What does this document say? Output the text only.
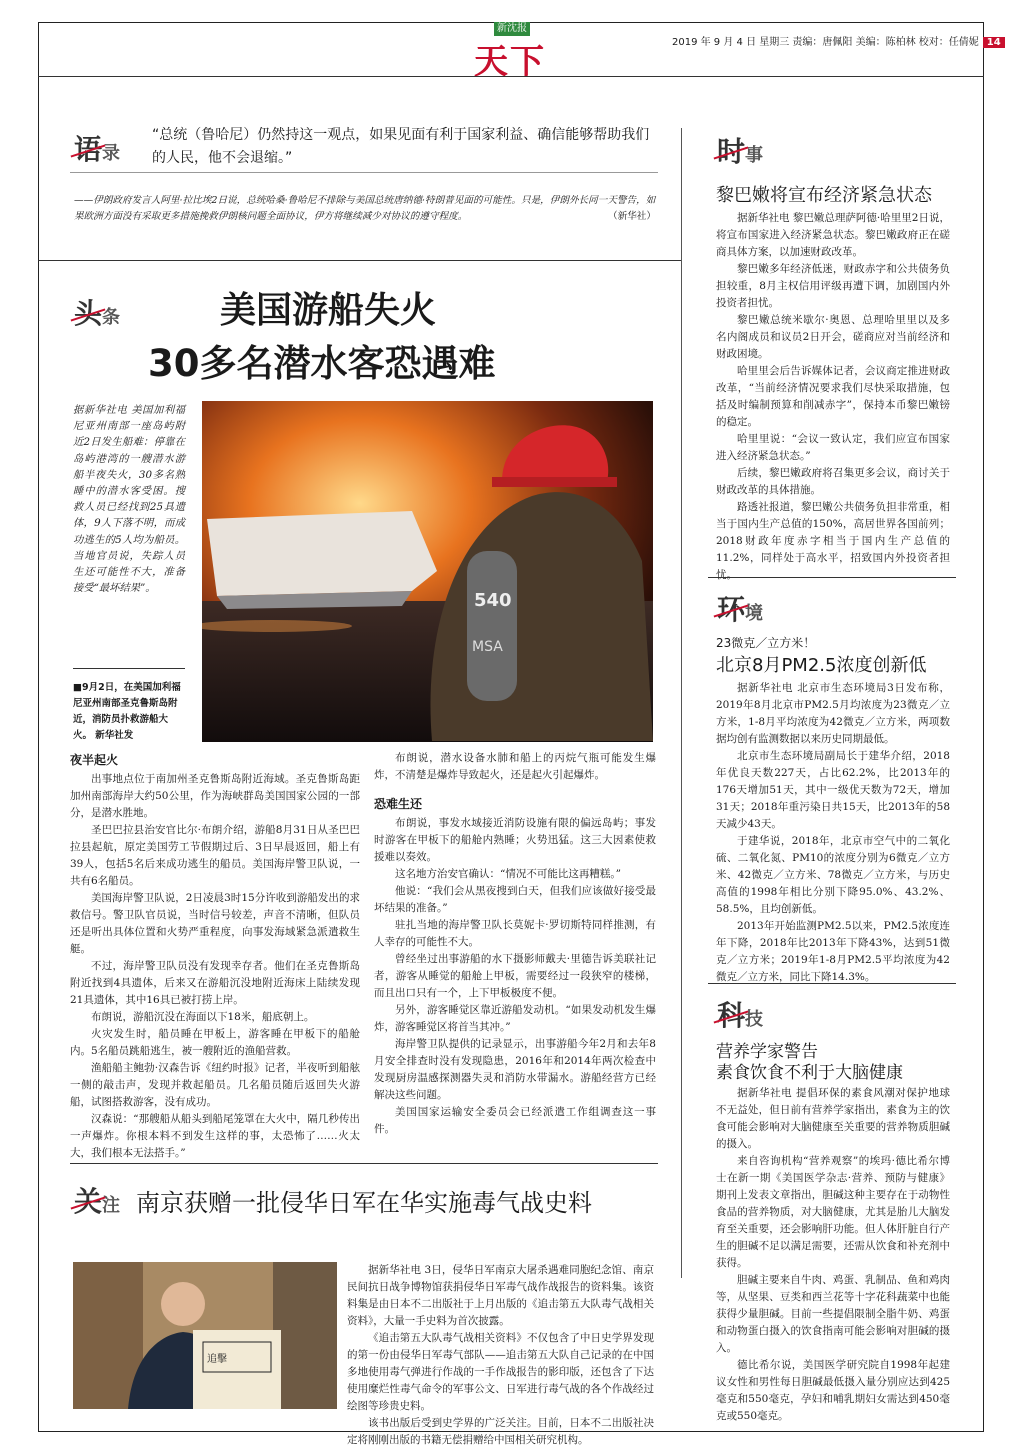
新沈报
天下	2019 年 9 月 4 日 星期三 责编：唐佩阳 美编：陈柏林 校对：任倩妮 14
语录
“总统（鲁哈尼）仍然持这一观点，如果见面有利于国家利益、确信能够帮助我们的人民，他不会退缩。”
——伊朗政府发言人阿里·拉比埃2日说，总统哈桑·鲁哈尼不排除与美国总统唐纳德·特朗普见面的可能性。只是，伊朗外长同一天警告，如果欧洲方面没有采取更多措施挽救伊朗核问题全面协议，伊方将继续减少对协议的遵守程度。	（新华社）
头条	美国游船失火
30多名潜水客恐遇难
据新华社电 美国加利福尼亚州南部一座岛屿附近2日发生船难：停靠在岛屿港湾的一艘潜水游船半夜失火，30多名熟睡中的潜水客受困。搜救人员已经找到25具遗体，9人下落不明，而成功逃生的5人均为船员。当地官员说，失踪人员生还可能性不大，准备接受“最坏结果”。
■9月2日，在美国加利福尼亚州南部圣克鲁斯岛附近，消防员扑救游船大火。 新华社发
540
MSA
夜半起火

出事地点位于南加州圣克鲁斯岛附近海域。圣克鲁斯岛距加州南部海岸大约50公里，作为海峡群岛美国国家公园的一部分，是潜水胜地。

圣巴巴拉县治安官比尔·布朗介绍，游船8月31日从圣巴巴拉县起航，原定美国劳工节假期过后、3日早晨返回，船上有39人，包括5名后来成功逃生的船员。美国海岸警卫队说，一共有6名船员。

美国海岸警卫队说，2日凌晨3时15分许收到游船发出的求救信号。警卫队官员说，当时信号较差，声音不清晰，但队员还是听出具体位置和火势严重程度，向事发海域紧急派遣救生艇。

不过，海岸警卫队员没有发现幸存者。他们在圣克鲁斯岛附近找到4具遗体，后来又在游船沉没地附近海床上陆续发现21具遗体，其中16具已被打捞上岸。

布朗说，游船沉没在海面以下18米，船底朝上。

火灾发生时，船员睡在甲板上，游客睡在甲板下的船舱内。5名船员跳船逃生，被一艘附近的渔船营救。

渔船船主鲍勃·汉森告诉《纽约时报》记者，半夜听到船舷一侧的敲击声，发现并救起船员。几名船员随后返回失火游船，试图搭救游客，没有成功。

汉森说：“那艘船从船头到船尾笼罩在大火中，隔几秒传出一声爆炸。你根本料不到发生这样的事，太恐怖了……火太大，我们根本无法搭手。”

布朗说，潜水设备水肺和船上的丙烷气瓶可能发生爆炸，不清楚是爆炸导致起火，还是起火引起爆炸。

恐难生还

布朗说，事发水域接近消防设施有限的偏远岛屿；事发时游客在甲板下的船舱内熟睡；火势迅猛。这三大因素使救援难以奏效。

这名地方治安官确认：“情况不可能比这再糟糕。”

他说：“我们会从黑夜搜到白天，但我们应该做好接受最坏结果的准备。”

驻扎当地的海岸警卫队长莫妮卡·罗切斯特同样推测，有人幸存的可能性不大。

曾经坐过出事游船的水下摄影师戴夫·里德告诉美联社记者，游客从睡觉的船舱上甲板，需要经过一段狭窄的楼梯，而且出口只有一个，上下甲板极度不便。

另外，游客睡觉区靠近游船发动机。“如果发动机发生爆炸，游客睡觉区将首当其冲。”

海岸警卫队提供的记录显示，出事游船今年2月和去年8月安全排查时没有发现隐患，2016年和2014年两次检查中发现厨房温感探测器失灵和消防水带漏水。游船经营方已经解决这些问题。

美国国家运输安全委员会已经派遣工作组调查这一事件。

关注 南京获赠一批侵华日军在华实施毒气战史料
追擊

据新华社电 3日，侵华日军南京大屠杀遇难同胞纪念馆、南京民间抗日战争博物馆获捐侵华日军毒气战作战报告的资料集。该资料集是由日本不二出版社于上月出版的《追击第五大队毒气战相关资料》，大量一手史料为首次披露。

《追击第五大队毒气战相关资料》不仅包含了中日史学界发现的第一份由侵华日军毒气部队——追击第五大队自己记录的在中国多地使用毒气弹进行作战的一手作战报告的影印版，还包含了下达使用糜烂性毒气命令的军事公文、日军进行毒气战的各个作战经过绘图等珍贵史料。

该书出版后受到史学界的广泛关注。目前，日本不二出版社决定将刚刚出版的书籍无偿捐赠给中国相关研究机构。

时事
黎巴嫩将宣布经济紧急状态

据新华社电 黎巴嫩总理萨阿德·哈里里2日说，将宣布国家进入经济紧急状态。黎巴嫩政府正在磋商具体方案，以加速财政改革。

黎巴嫩多年经济低迷，财政赤字和公共债务负担较重，8月主权信用评级再遭下调，加剧国内外投资者担忧。

黎巴嫩总统米歇尔·奥恩、总理哈里里以及多名内阁成员和议员2日开会，磋商应对当前经济和财政困境。

哈里里会后告诉媒体记者，会议商定推进财政改革，“当前经济情况要求我们尽快采取措施，包括及时编制预算和削减赤字”，保持本币黎巴嫩镑的稳定。

哈里里说：“会议一致认定，我们应宣布国家进入经济紧急状态。”

后续，黎巴嫩政府将召集更多会议，商讨关于财政改革的具体措施。

路透社报道，黎巴嫩公共债务负担非常重，相当于国内生产总值的150%，高居世界各国前列；2018财政年度赤字相当于国内生产总值的11.2%，同样处于高水平，招致国内外投资者担忧。

环境
23微克／立方米！
北京8月PM2.5浓度创新低

据新华社电 北京市生态环境局3日发布称，2019年8月北京市PM2.5月均浓度为23微克／立方米，1-8月平均浓度为42微克／立方米，两项数据均创有监测数据以来历史同期最低。

北京市生态环境局副局长于建华介绍，2018年优良天数227天，占比62.2%，比2013年的176天增加51天，其中一级优天数为72天，增加31天；2018年重污染日共15天，比2013年的58天减少43天。

于建华说，2018年，北京市空气中的二氧化硫、二氧化氮、PM10的浓度分别为6微克／立方米、42微克／立方米、78微克／立方米，与历史高值的1998年相比分别下降95.0%、43.2%、58.5%，且均创新低。

2013年开始监测PM2.5以来，PM2.5浓度连年下降，2018年比2013年下降43%，达到51微克／立方米；2019年1-8月PM2.5平均浓度为42微克／立方米，同比下降14.3%。

科技
营养学家警告
素食饮食不利于大脑健康

据新华社电 提倡环保的素食风潮对保护地球不无益处，但日前有营养学家指出，素食为主的饮食可能会影响对大脑健康至关重要的营养物质胆碱的摄入。

来自咨询机构“营养观察”的埃玛·德比希尔博士在新一期《美国医学杂志·营养、预防与健康》期刊上发表文章指出，胆碱这种主要存在于动物性食品的营养物质，对大脑健康，尤其是胎儿大脑发育至关重要，还会影响肝功能。但人体肝脏自行产生的胆碱不足以满足需要，还需从饮食和补充剂中获得。

胆碱主要来自牛肉、鸡蛋、乳制品、鱼和鸡肉等，从坚果、豆类和西兰花等十字花科蔬菜中也能获得少量胆碱。目前一些提倡限制全脂牛奶、鸡蛋和动物蛋白摄入的饮食指南可能会影响对胆碱的摄入。

德比希尔说，美国医学研究院自1998年起建议女性和男性每日胆碱最低摄入量分别应达到425毫克和550毫克，孕妇和哺乳期妇女需达到450毫克或550毫克。
